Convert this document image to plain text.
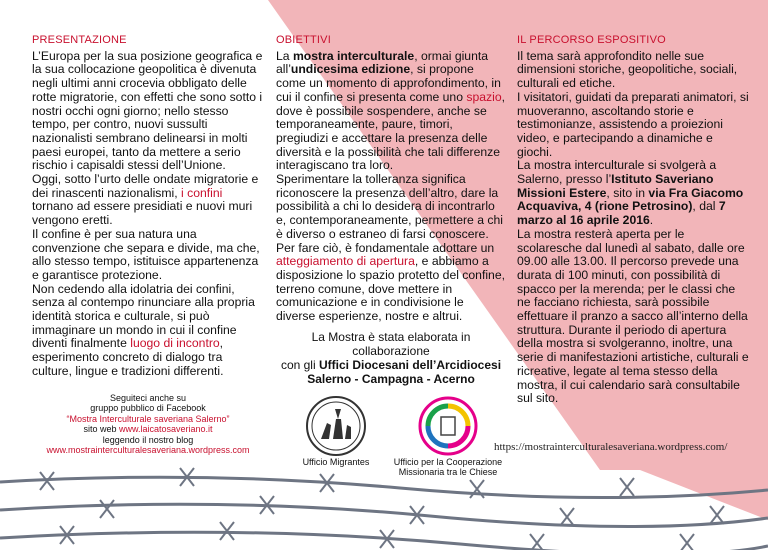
PRESENTAZIONE

L’Europa per la sua posizione geografica e la sua collocazione geopolitica è divenuta negli ultimi anni crocevia obbligato delle rotte migratorie, con effetti che sono sotto i nostri occhi ogni giorno; nello stesso tempo, per contro, nuovi sussulti nazionalisti sembrano delinearsi in molti paesi europei, tanto da mettere a serio rischio i capisaldi stessi dell’Unione.

Oggi, sotto l’urto delle ondate migratorie e dei rinascenti nazionalismi, i confini tornano ad essere presidiati e nuovi muri vengono eretti.

Il confine è per sua natura una convenzione che separa e divide, ma che, allo stesso tempo, istituisce appartenenza e garantisce protezione.

Non cedendo alla idolatria dei confini, senza al contempo rinunciare alla propria identità storica e culturale, si può immaginare un mondo in cui il confine diventi finalmente luogo di incontro, esperimento concreto di dialogo tra culture, lingue e tradizioni differenti.

Seguiteci anche su
gruppo pubblico di Facebook
“Mostra Interculturale saveriana Salerno”
sito web www.laicatosaveriano.it
leggendo il nostro blog
www.mostrainterculturalesaveriana.wordpress.com
OBIETTIVI

La mostra interculturale, ormai giunta all’undicesima edizione, si propone come un momento di approfondimento, in cui il confine si presenta come uno spazio, dove è possibile sospendere, anche se temporaneamente, paure, timori, pregiudizi e accettare la presenza delle diversità e la possibilità che tali differenze interagiscano tra loro.

Sperimentare la tolleranza significa riconoscere la presenza dell’altro, dare la possibilità a chi lo desidera di incontrarlo e, contemporaneamente, permettere a chi è diverso o estraneo di farsi conoscere.

Per fare ciò, è fondamentale adottare un atteggiamento di apertura, e abbiamo a disposizione lo spazio protetto del confine, terreno comune, dove mettere in comunicazione e in condivisione le diverse esperienze, nostre e altrui.

La Mostra è stata elaborata in collaborazione
con gli Uffici Diocesani dell’Arcidiocesi
Salerno - Campagna - Acerno
Ufficio Migrantes	Ufficio per la Cooperazione
Missionaria tra le Chiese
IL PERCORSO ESPOSITIVO

Il tema sarà approfondito nelle sue dimensioni storiche, geopolitiche, sociali, culturali ed etiche.

I visitatori, guidati da preparati animatori, si muoveranno, ascoltando storie e testimonianze, assistendo a proiezioni video, e partecipando a dinamiche e giochi.

La mostra interculturale si svolgerà a Salerno, presso l’Istituto Saveriano Missioni Estere, sito in via Fra Giacomo Acquaviva, 4 (rione Petrosino), dal 7 marzo al 16 aprile 2016.

La mostra resterà aperta per le scolaresche dal lunedì al sabato, dalle ore 09.00 alle 13.00. Il percorso prevede una durata di 100 minuti, con possibilità di spacco per la merenda; per le classi che ne facciano richiesta, sarà possibile effettuare il pranzo a sacco all’interno della struttura. Durante il periodo di apertura della mostra si svolgeranno, inoltre, una serie di manifestazioni artistiche, culturali e ricreative, legate al tema stesso della mostra, il cui calendario sarà consultabile sul sito.

https://mostrainterculturalesaveriana.wordpress.com/
